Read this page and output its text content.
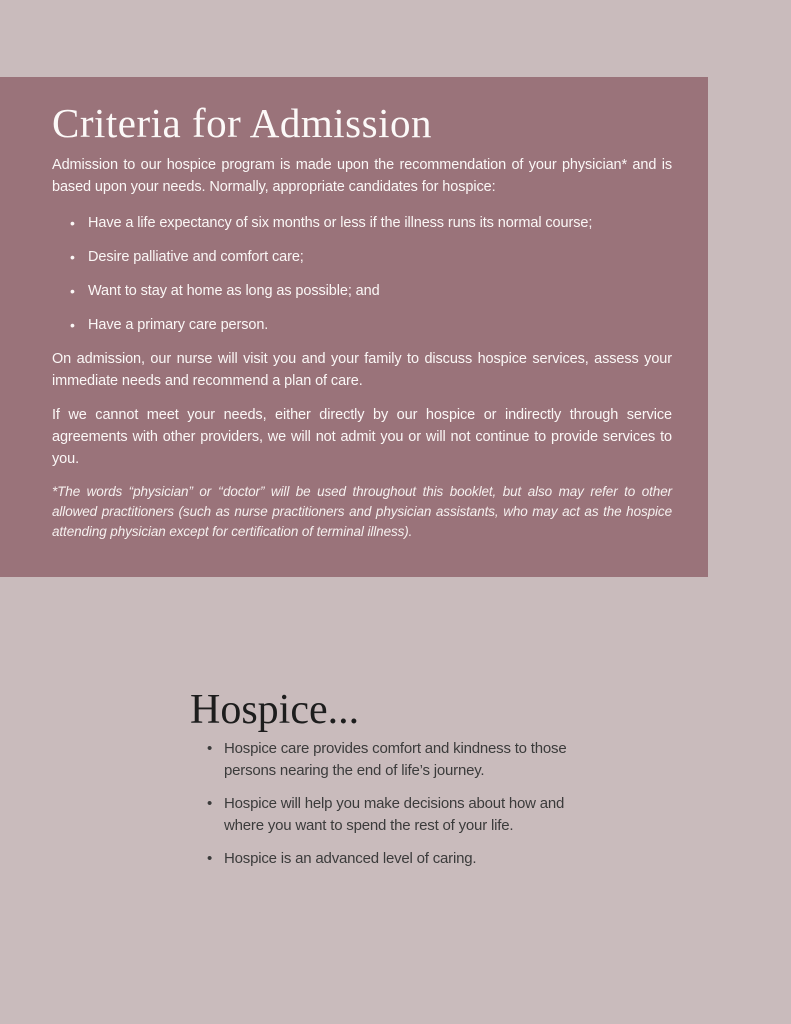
Criteria for Admission

Admission to our hospice program is made upon the recommendation of your physician* and is based upon your needs. Normally, appropriate candidates for hospice:

• Have a life expectancy of six months or less if the illness runs its normal course;
• Desire palliative and comfort care;
• Want to stay at home as long as possible; and
• Have a primary care person.

On admission, our nurse will visit you and your family to discuss hospice services, assess your immediate needs and recommend a plan of care.

If we cannot meet your needs, either directly by our hospice or indirectly through service agreements with other providers, we will not admit you or will not continue to provide services to you.

*The words “physician” or ‘‘doctor” will be used throughout this booklet, but also may refer to other allowed practitioners (such as nurse practitioners and physician assistants, who may act as the hospice attending physician except for certification of terminal illness).

Hospice...
• Hospice care provides comfort and kindness to those persons nearing the end of life’s journey.
• Hospice will help you make decisions about how and where you want to spend the rest of your life.
• Hospice is an advanced level of caring.
